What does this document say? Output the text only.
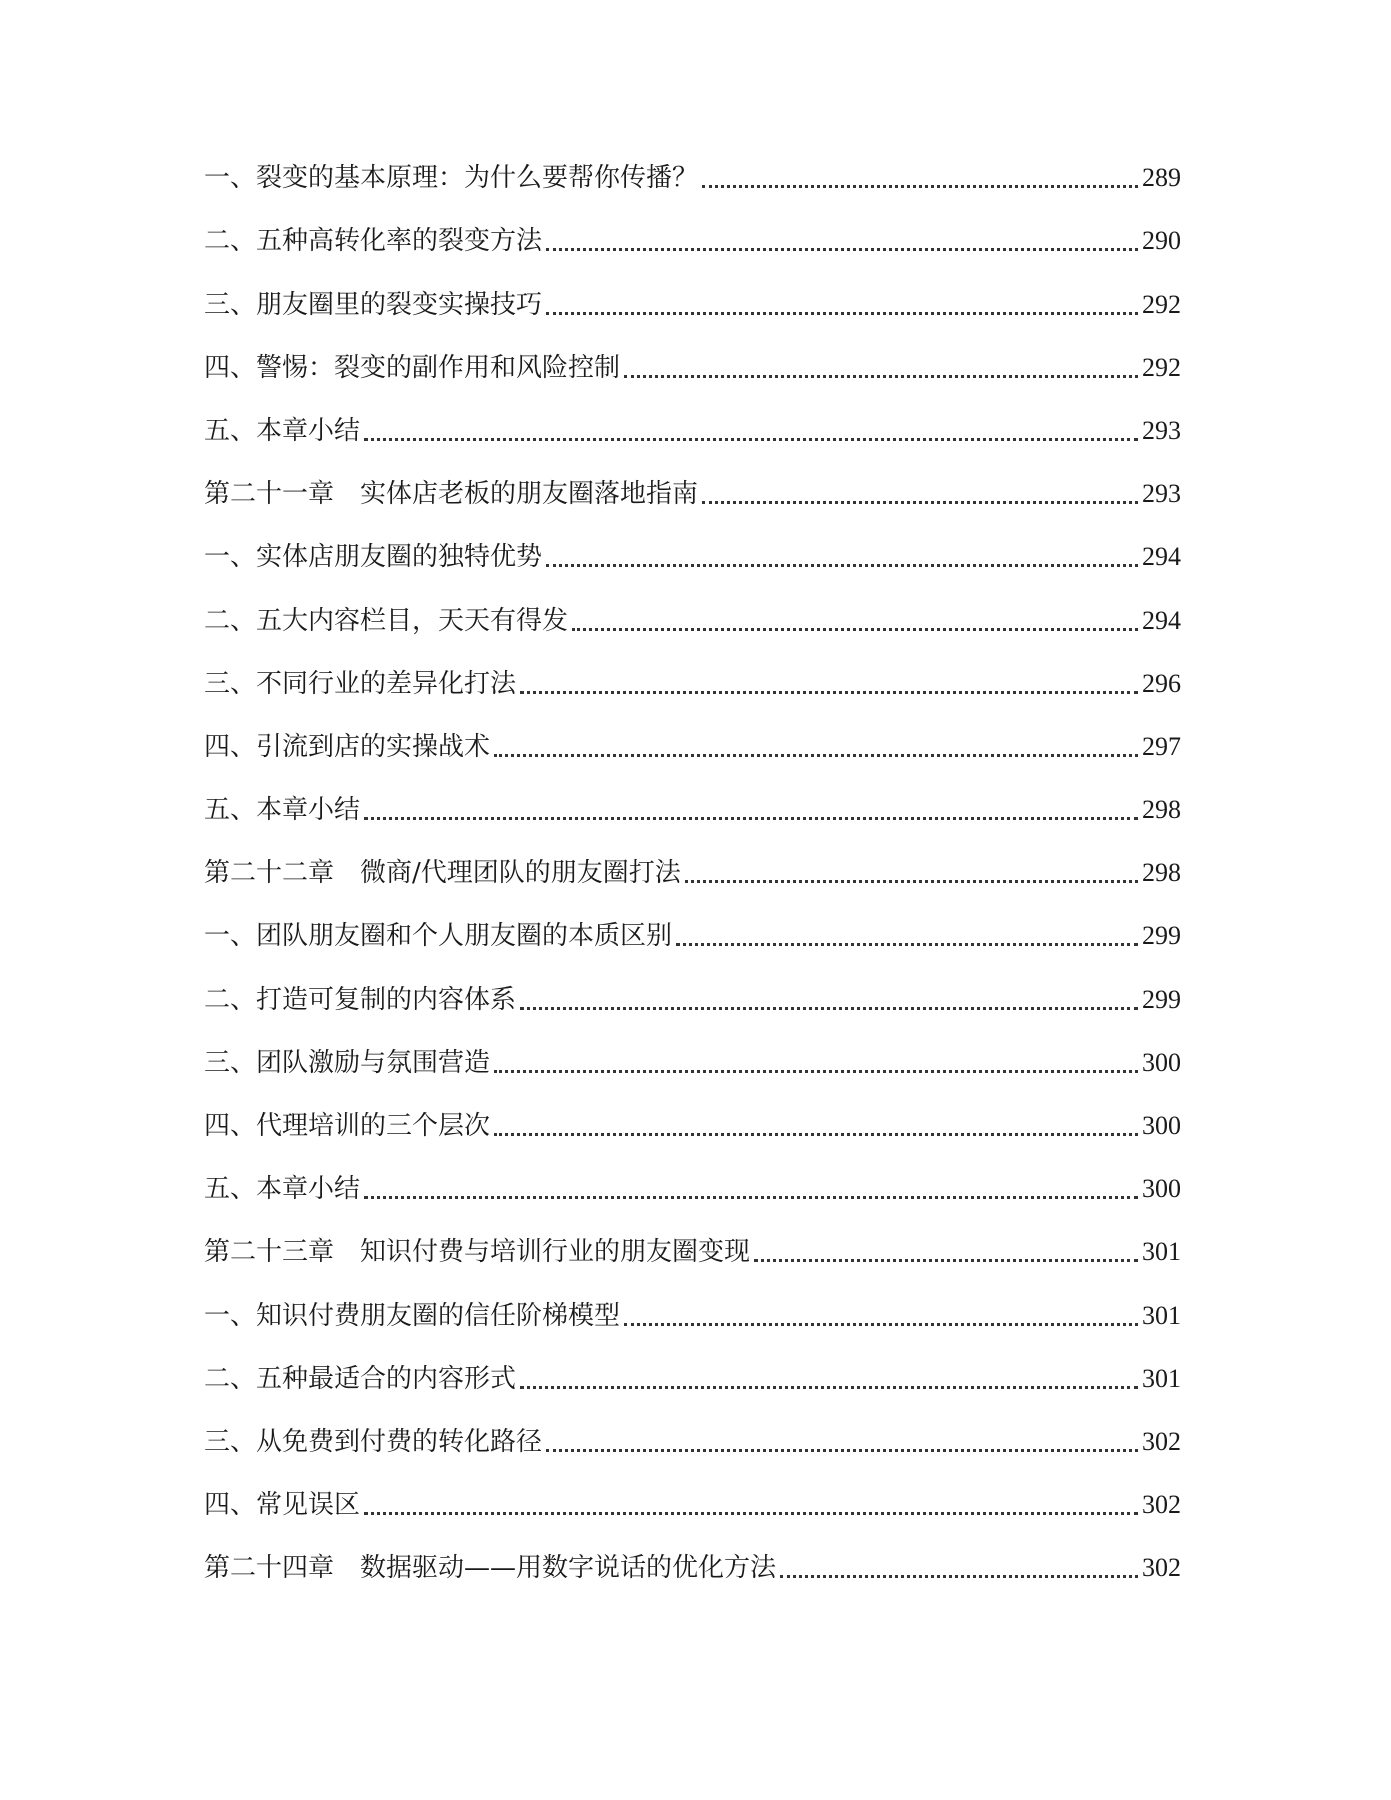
一、裂变的基本原理：为什么要帮你传播？	289
二、五种高转化率的裂变方法	290
三、朋友圈里的裂变实操技巧	292
四、警惕：裂变的副作用和风险控制	292
五、本章小结	293
第二十一章　实体店老板的朋友圈落地指南	293
一、实体店朋友圈的独特优势	294
二、五大内容栏目，天天有得发	294
三、不同行业的差异化打法	296
四、引流到店的实操战术	297
五、本章小结	298
第二十二章　微商/代理团队的朋友圈打法	298
一、团队朋友圈和个人朋友圈的本质区别	299
二、打造可复制的内容体系	299
三、团队激励与氛围营造	300
四、代理培训的三个层次	300
五、本章小结	300
第二十三章　知识付费与培训行业的朋友圈变现	301
一、知识付费朋友圈的信任阶梯模型	301
二、五种最适合的内容形式	301
三、从免费到付费的转化路径	302
四、常见误区	302
第二十四章　数据驱动——用数字说话的优化方法	302
